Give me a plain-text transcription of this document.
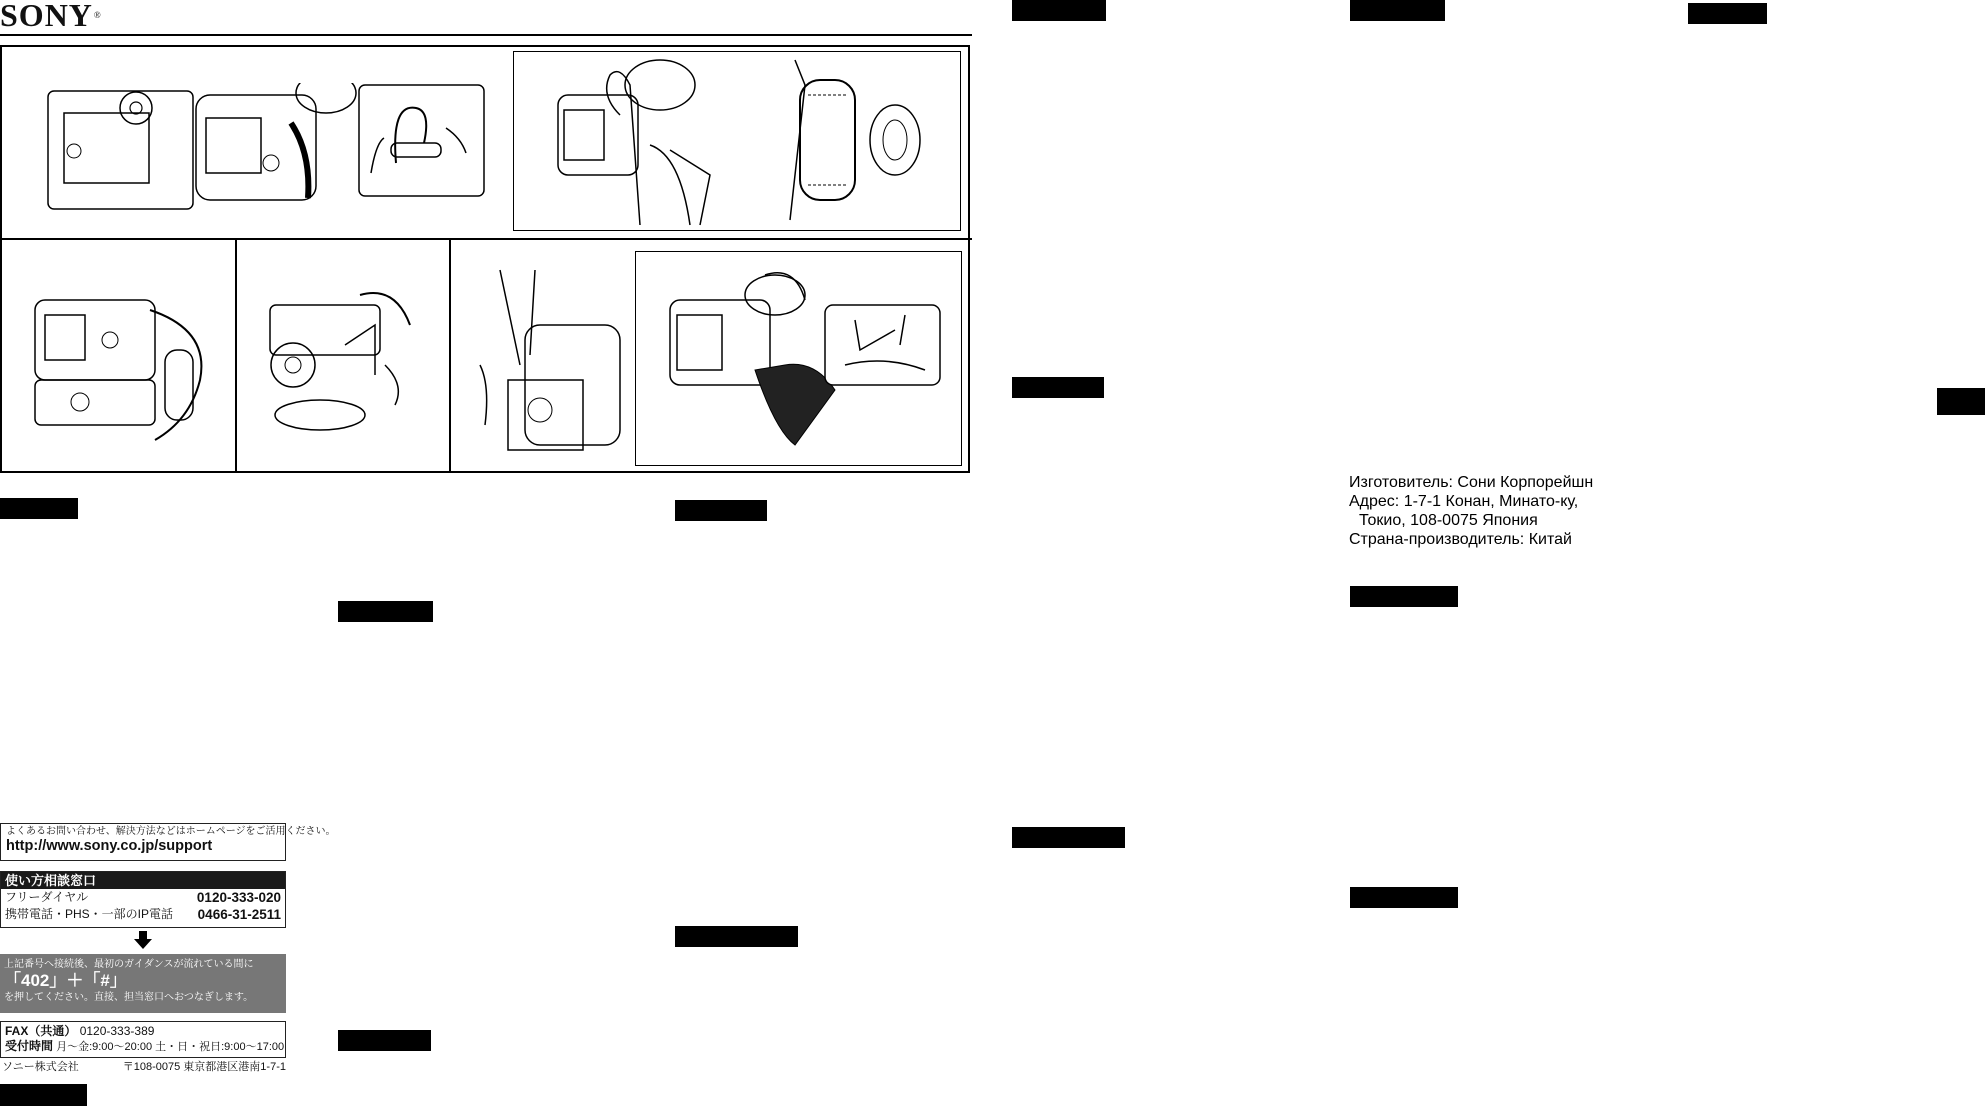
SONY®
Изготовитель: Сони Корпорейшн
Адрес: 1-7-1 Конан, Минато-ку,
Токио, 108-0075 Япония
Страна-производитель: Китай
よくあるお問い合わせ、解決方法などはホームページをご活用ください。
http://www.sony.co.jp/support
使い方相談窓口
フリーダイヤル	0120-333-020
携帯電話・PHS・一部のIP電話 0466-31-2511
上記番号へ接続後、最初のガイダンスが流れている間に
「402」＋「#」
を押してください。直接、担当窓口へおつなぎします。
FAX（共通） 0120-333-389
受付時間 月～金:9:00～20:00 土・日・祝日:9:00～17:00
ソニー株式会社	〒108-0075 東京都港区港南1-7-1
